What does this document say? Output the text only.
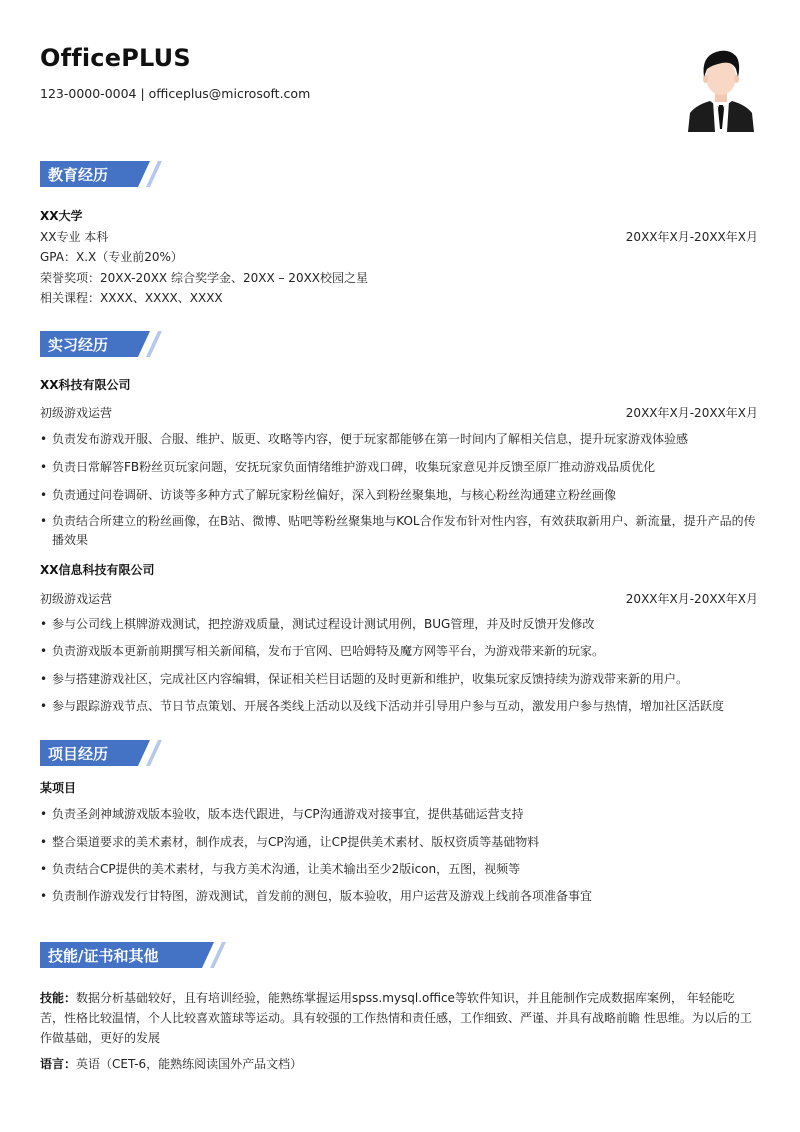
OfficePLUS
123-0000-0004 | officeplus@microsoft.com
教育经历
XX大学
XX专业 本科	20XX年X月-20XX年X月
GPA：X.X（专业前20%）
荣誉奖项：20XX-20XX 综合奖学金、20XX – 20XX校园之星
相关课程：XXXX、XXXX、XXXX
实习经历
XX科技有限公司
初级游戏运营	20XX年X月-20XX年X月
• 负责发布游戏开服、合服、维护、版更、攻略等内容，便于玩家都能够在第一时间内了解相关信息，提升玩家游戏体验感
• 负责日常解答FB粉丝页玩家问题，安抚玩家负面情绪维护游戏口碑，收集玩家意见并反馈至原厂推动游戏品质优化
• 负责通过问卷调研、访谈等多种方式了解玩家粉丝偏好，深入到粉丝聚集地，与核心粉丝沟通建立粉丝画像
• 负责结合所建立的粉丝画像，在B站、微博、贴吧等粉丝聚集地与KOL合作发布针对性内容，有效获取新用户、新流量，提升产品的传播效果
XX信息科技有限公司
初级游戏运营	20XX年X月-20XX年X月
• 参与公司线上棋牌游戏测试，把控游戏质量，测试过程设计测试用例，BUG管理，并及时反馈开发修改
• 负责游戏版本更新前期撰写相关新闻稿，发布于官网、巴哈姆特及魔方网等平台，为游戏带来新的玩家。
• 参与搭建游戏社区，完成社区内容编辑，保证相关栏目话题的及时更新和维护，收集玩家反馈持续为游戏带来新的用户。
• 参与跟踪游戏节点、节日节点策划、开展各类线上活动以及线下活动并引导用户参与互动，激发用户参与热情，增加社区活跃度
项目经历
某项目
• 负责圣剑神域游戏版本验收，版本迭代跟进，与CP沟通游戏对接事宜，提供基础运营支持
• 整合渠道要求的美术素材，制作成表，与CP沟通，让CP提供美术素材、版权资质等基础物料
• 负责结合CP提供的美术素材，与我方美术沟通，让美术输出至少2版icon，五图，视频等
• 负责制作游戏发行甘特图，游戏测试，首发前的测包，版本验收，用户运营及游戏上线前各项准备事宜
技能/证书和其他
技能：数据分析基础较好，且有培训经验，能熟练掌握运用spss.mysql.office等软件知识，并且能制作完成数据库案例， 年轻能吃苦，性格比较温情，个人比较喜欢篮球等运动。具有较强的工作热情和责任感，工作细致、严谨、并具有战略前瞻 性思维。为以后的工作做基础，更好的发展
语言：英语（CET-6，能熟练阅读国外产品文档）
